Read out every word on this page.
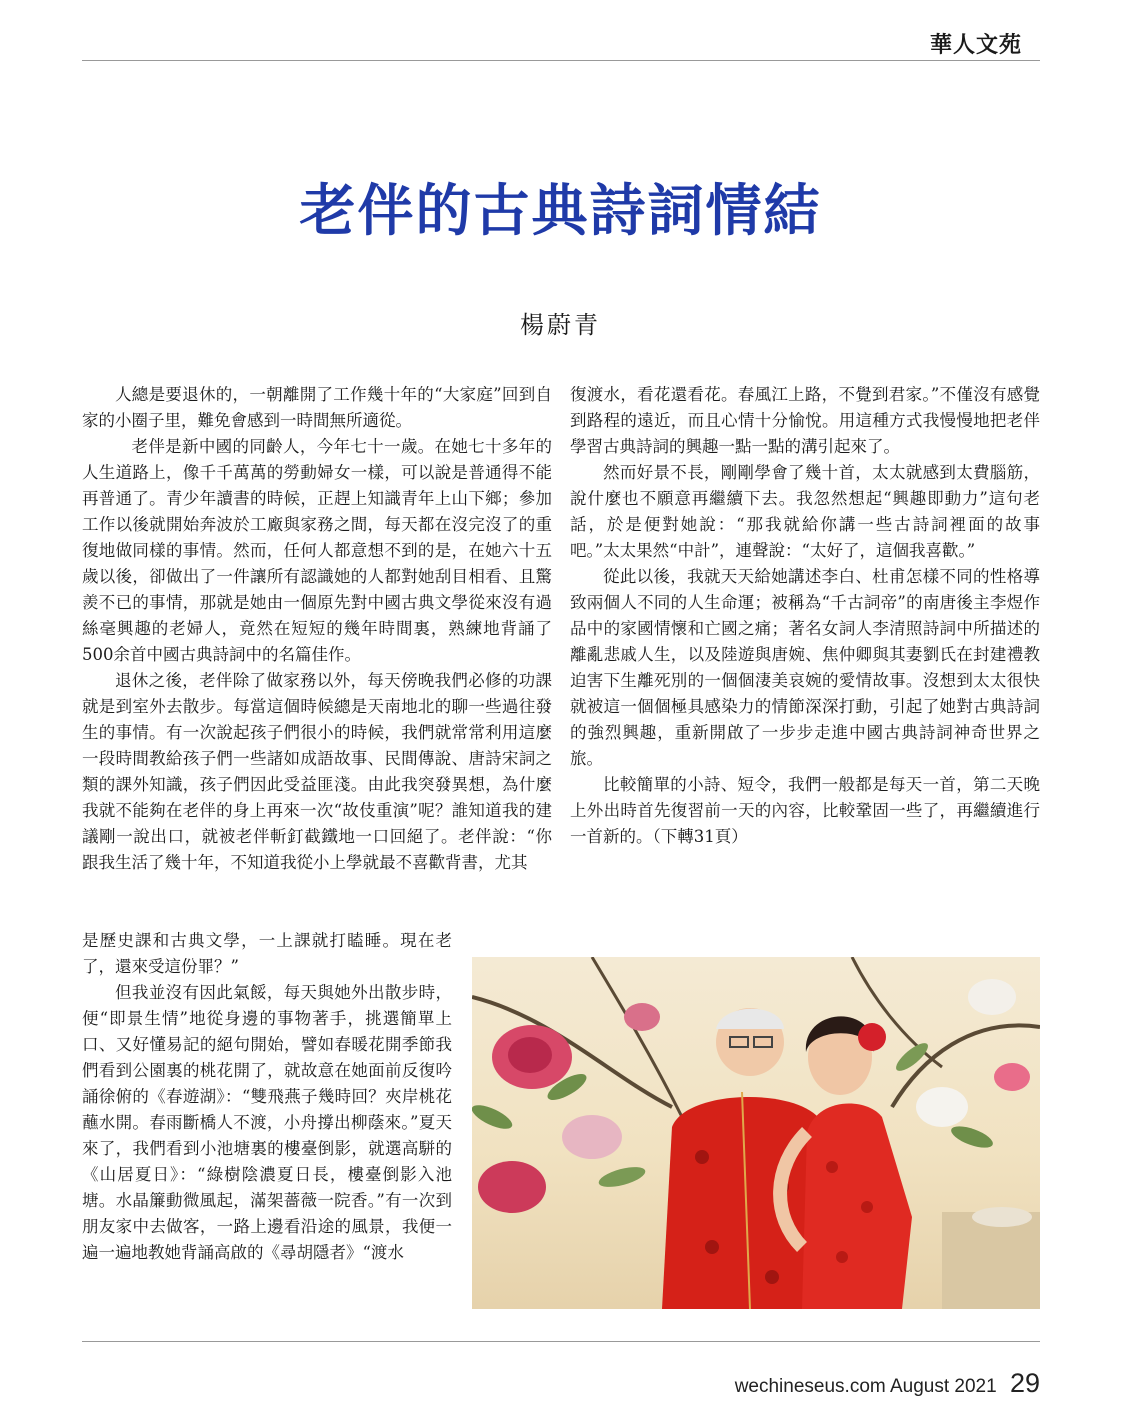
華人文苑
老伴的古典詩詞情結
楊蔚青

人總是要退休的，一朝離開了工作幾十年的“大家庭”回到自家的小圈子里，難免會感到一時間無所適從。

老伴是新中國的同齡人，今年七十一歲。在她七十多年的人生道路上，像千千萬萬的勞動婦女一樣，可以說是普通得不能再普通了。青少年讀書的時候，正趕上知識青年上山下鄉；參加工作以後就開始奔波於工廠與家務之間，每天都在沒完沒了的重復地做同樣的事情。然而，任何人都意想不到的是，在她六十五歲以後，卻做出了一件讓所有認識她的人都對她刮目相看、且驚羨不已的事情，那就是她由一個原先對中國古典文學從來沒有過絲毫興趣的老婦人，竟然在短短的幾年時間裏，熟練地背誦了500余首中國古典詩詞中的名篇佳作。

退休之後，老伴除了做家務以外，每天傍晚我們必修的功課就是到室外去散步。每當這個時候總是天南地北的聊一些過往發生的事情。有一次說起孩子們很小的時候，我們就常常利用這麼一段時間教給孩子們一些諸如成語故事、民間傳說、唐詩宋詞之類的課外知識，孩子們因此受益匪淺。由此我突發異想，為什麼我就不能夠在老伴的身上再來一次“故伎重演”呢？誰知道我的建議剛一說出口，就被老伴斬釘截鐵地一口回絕了。老伴說：“你跟我生活了幾十年，不知道我從小上學就最不喜歡背書，尤其

是歷史課和古典文學，一上課就打瞌睡。現在老了，還來受這份罪？”

但我並沒有因此氣餒，每天與她外出散步時，便“即景生情”地從身邊的事物著手，挑選簡單上口、又好懂易記的絕句開始，譬如春暖花開季節我們看到公園裏的桃花開了，就故意在她面前反復吟誦徐俯的《春遊湖》：“雙飛燕子幾時回？夾岸桃花蘸水開。春雨斷橋人不渡，小舟撐出柳蔭來。”夏天來了，我們看到小池塘裏的樓臺倒影，就選高駢的《山居夏日》：“綠樹陰濃夏日長，樓臺倒影入池塘。水晶簾動微風起，滿架薔薇一院香。”有一次到朋友家中去做客，一路上邊看沿途的風景，我便一遍一遍地教她背誦高啟的《尋胡隱者》“渡水

復渡水，看花還看花。春風江上路，不覺到君家。”不僅沒有感覺到路程的遠近，而且心情十分愉悅。用這種方式我慢慢地把老伴學習古典詩詞的興趣一點一點的溝引起來了。

然而好景不長，剛剛學會了幾十首，太太就感到太費腦筋，說什麼也不願意再繼續下去。我忽然想起“興趣即動力”這句老話，於是便對她說：“那我就給你講一些古詩詞裡面的故事吧。”太太果然“中計”，連聲說：“太好了，這個我喜歡。”

從此以後，我就天天給她講述李白、杜甫怎樣不同的性格導致兩個人不同的人生命運；被稱為“千古詞帝”的南唐後主李煜作品中的家國情懷和亡國之痛；著名女詞人李清照詩詞中所描述的離亂悲戚人生，以及陸遊與唐婉、焦仲卿與其妻劉氏在封建禮教迫害下生離死別的一個個淒美哀婉的愛情故事。沒想到太太很快就被這一個個極具感染力的情節深深打動，引起了她對古典詩詞的強烈興趣，重新開啟了一步步走進中國古典詩詞神奇世界之旅。

比較簡單的小詩、短令，我們一般都是每天一首，第二天晚上外出時首先復習前一天的內容，比較鞏固一些了，再繼續進行一首新的。（下轉31頁）

wechineseus.com August 2021 29
